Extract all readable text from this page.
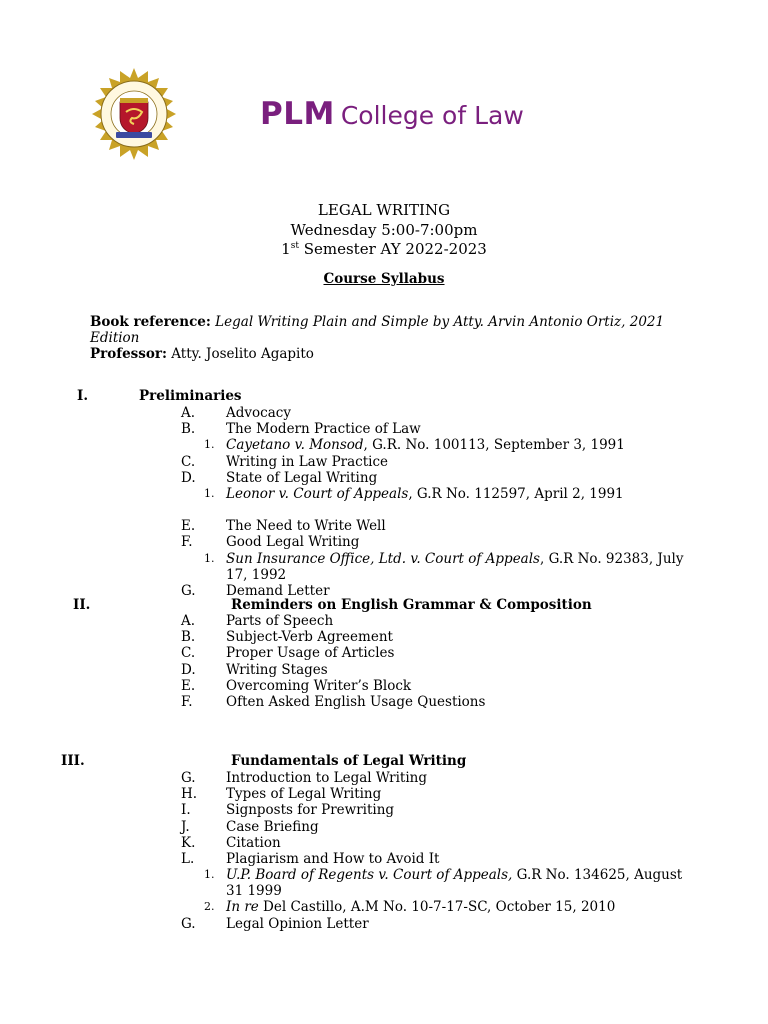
PLM College of Law
LEGAL WRITING
Wednesday 5:00-7:00pm
1st Semester AY 2022-2023
Course Syllabus
Book reference: Legal Writing Plain and Simple by Atty. Arvin Antonio Ortiz, 2021 Edition
Professor: Atty. Joselito Agapito
I.	Preliminaries
A. Advocacy
B. The Modern Practice of Law
1. Cayetano v. Monsod, G.R. No. 100113, September 3, 1991
C. Writing in Law Practice
D. State of Legal Writing
1. Leonor v. Court of Appeals, G.R No. 112597, April 2, 1991
E. The Need to Write Well
F. Good Legal Writing
1. Sun Insurance Office, Ltd. v. Court of Appeals, G.R No. 92383, July 17, 1992
G. Demand Letter
II.	Reminders on English Grammar & Composition
A. Parts of Speech
B. Subject-Verb Agreement
C. Proper Usage of Articles
D. Writing Stages
E. Overcoming Writer’s Block
F. Often Asked English Usage Questions
III.	Fundamentals of Legal Writing
G. Introduction to Legal Writing
H. Types of Legal Writing
I.	Signposts for Prewriting
J.	Case Briefing
K. Citation
L. Plagiarism and How to Avoid It
1. U.P. Board of Regents v. Court of Appeals, G.R No. 134625, August 31 1999
2. In re Del Castillo, A.M No. 10-7-17-SC, October 15, 2010
G. Legal Opinion Letter
